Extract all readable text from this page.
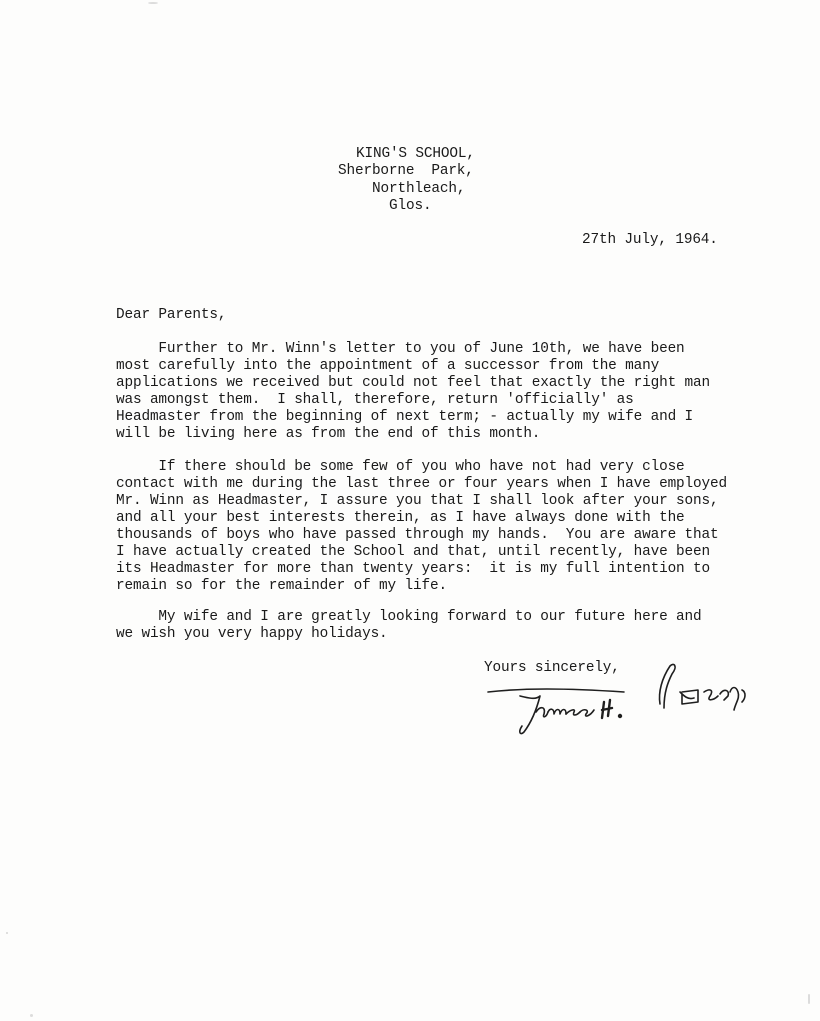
KING'S SCHOOL,
Sherborne  Park,
Northleach,
Glos.
27th July, 1964.
Dear Parents,
Further to Mr. Winn's letter to you of June 10th, we have been
most carefully into the appointment of a successor from the many
applications we received but could not feel that exactly the right man
was amongst them.  I shall, therefore, return 'officially' as
Headmaster from the beginning of next term; - actually my wife and I
will be living here as from the end of this month.
If there should be some few of you who have not had very close
contact with me during the last three or four years when I have employed
Mr. Winn as Headmaster, I assure you that I shall look after your sons,
and all your best interests therein, as I have always done with the
thousands of boys who have passed through my hands.  You are aware that
I have actually created the School and that, until recently, have been
its Headmaster for more than twenty years:  it is my full intention to
remain so for the remainder of my life.
My wife and I are greatly looking forward to our future here and
we wish you very happy holidays.
Yours sincerely,
